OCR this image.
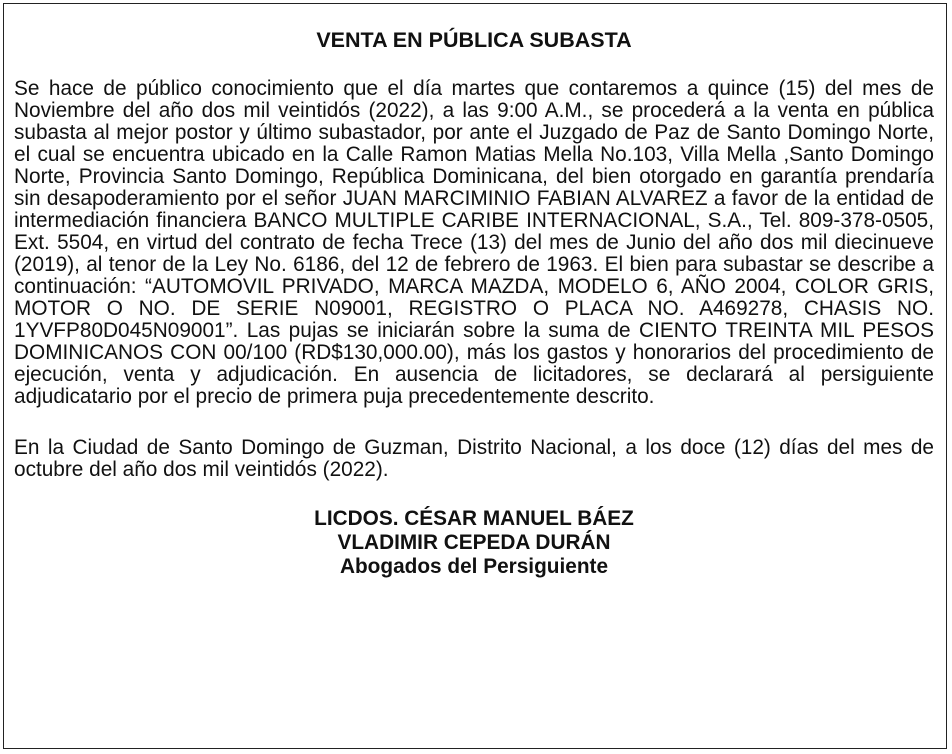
VENTA EN PÚBLICA SUBASTA

Se hace de público conocimiento que el día martes que contaremos a quince (15) del mes de Noviembre del año dos mil veintidós (2022), a las 9:00 A.M., se procederá a la venta en pública subasta al mejor postor y último subastador, por ante el Juzgado de Paz de Santo Domingo Norte, el cual se encuentra ubicado en la Calle Ramon Matias Mella No.103, Villa Mella ,Santo Domingo Norte, Provincia Santo Domingo, República Dominicana, del bien otorgado en garantía prendaría sin desapoderamiento por el señor JUAN MARCIMINIO FABIAN ALVAREZ a favor de la entidad de intermediación financiera BANCO MULTIPLE CARIBE INTERNACIONAL, S.A., Tel. 809-378-0505, Ext. 5504, en virtud del contrato de fecha Trece (13) del mes de Junio del año dos mil diecinueve (2019), al tenor de la Ley No. 6186, del 12 de febrero de 1963. El bien para subastar se describe a continuación: “AUTOMOVIL PRIVADO, MARCA MAZDA, MODELO 6, AÑO 2004, COLOR GRIS, MOTOR O NO. DE SERIE N09001, REGISTRO O PLACA NO. A469278, CHASIS NO. 1YVFP80D045N09001”. Las pujas se iniciarán sobre la suma de CIENTO TREINTA MIL PESOS DOMINICANOS CON 00/100 (RD$130,000.00), más los gastos y honorarios del procedimiento de ejecución, venta y adjudicación. En ausencia de licitadores, se declarará al persiguiente adjudicatario por el precio de primera puja precedentemente descrito.

En la Ciudad de Santo Domingo de Guzman, Distrito Nacional, a los doce (12) días del mes de octubre del año dos mil veintidós (2022).

LICDOS. CÉSAR MANUEL BÁEZ
VLADIMIR CEPEDA DURÁN
Abogados del Persiguiente
